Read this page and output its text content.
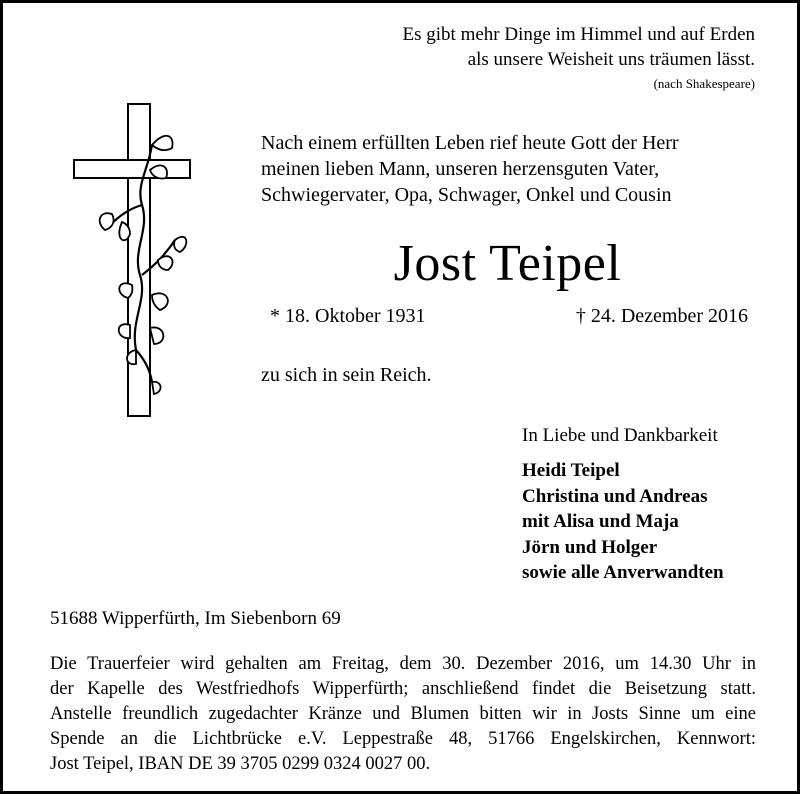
Es gibt mehr Dinge im Himmel und auf Erden
als unsere Weisheit uns träumen lässt.
(nach Shakespeare)
Nach einem erfüllten Leben rief heute Gott der Herr
meinen lieben Mann, unseren herzensguten Vater,
Schwiegervater, Opa, Schwager, Onkel und Cousin
Jost Teipel
* 18. Oktober 1931	† 24. Dezember 2016
zu sich in sein Reich.
In Liebe und Dankbarkeit
Heidi Teipel
Christina und Andreas
mit Alisa und Maja
Jörn und Holger
sowie alle Anverwandten
51688 Wipperfürth, Im Siebenborn 69
Die Trauerfeier wird gehalten am Freitag, dem 30. Dezember 2016, um 14.30 Uhr in
der Kapelle des Westfriedhofs Wipperfürth; anschließend findet die Beisetzung statt.
Anstelle freundlich zugedachter Kränze und Blumen bitten wir in Josts Sinne um eine
Spende an die Lichtbrücke e.V. Leppestraße 48, 51766 Engelskirchen, Kennwort:
Jost Teipel, IBAN DE 39 3705 0299 0324 0027 00.
